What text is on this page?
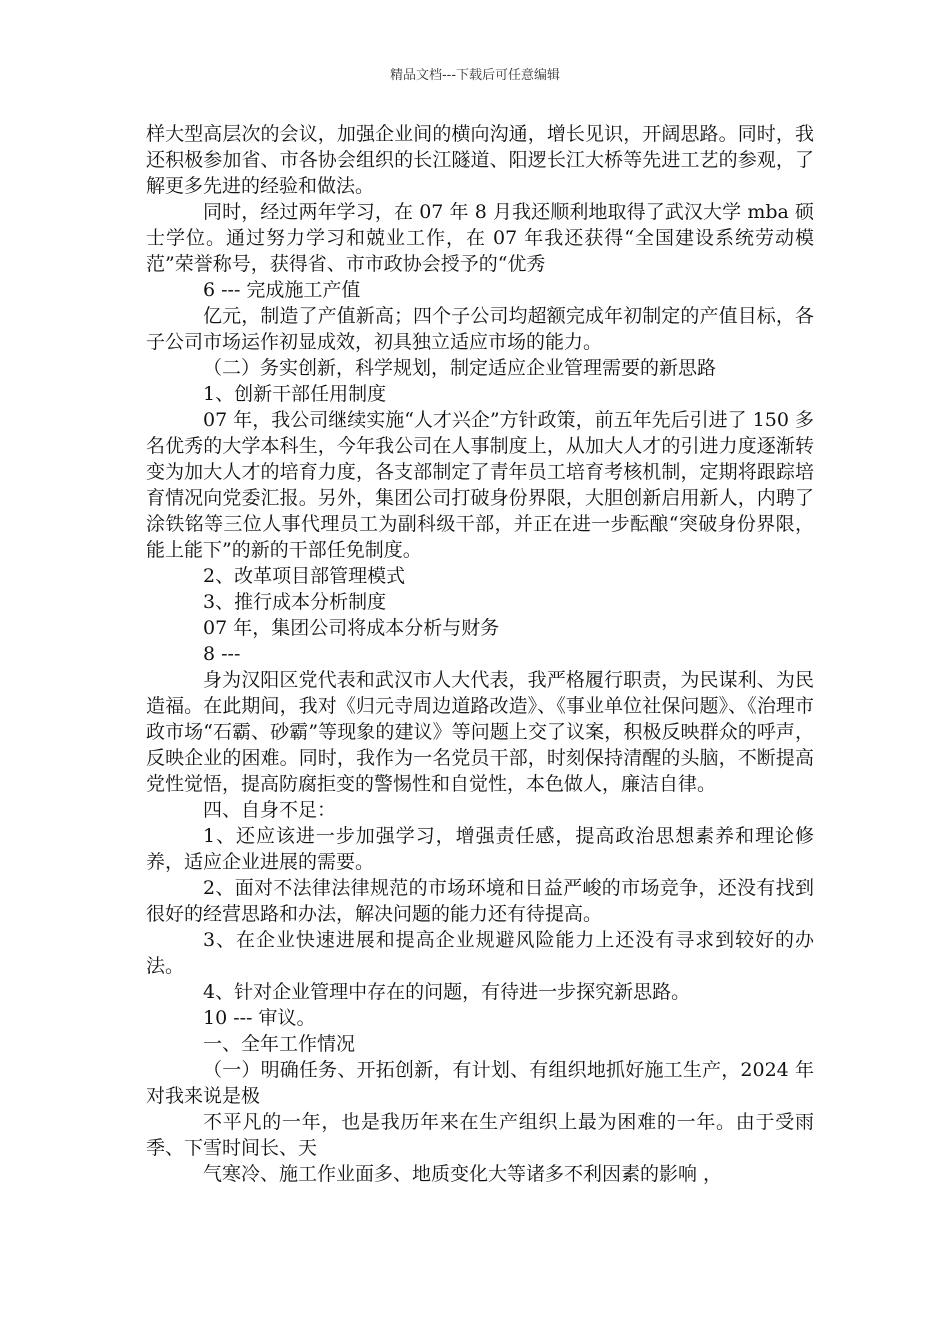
精品文档---下载后可任意编辑

样大型高层次的会议，加强企业间的横向沟通，增长见识，开阔思路。同时，我还积极参加省、市各协会组织的长江隧道、阳逻长江大桥等先进工艺的参观，了解更多先进的经验和做法。

同时，经过两年学习，在 07 年 8 月我还顺利地取得了武汉大学 mba 硕士学位。通过努力学习和兢业工作，在 07 年我还获得“全国建设系统劳动模范”荣誉称号，获得省、市市政协会授予的“优秀

6 --- 完成施工产值

亿元，制造了产值新高；四个子公司均超额完成年初制定的产值目标，各子公司市场运作初显成效，初具独立适应市场的能力。

（二）务实创新，科学规划，制定适应企业管理需要的新思路

1、创新干部任用制度

07 年，我公司继续实施“人才兴企”方针政策，前五年先后引进了 150 多名优秀的大学本科生，今年我公司在人事制度上，从加大人才的引进力度逐渐转变为加大人才的培育力度，各支部制定了青年员工培育考核机制，定期将跟踪培育情况向党委汇报。另外，集团公司打破身份界限，大胆创新启用新人，内聘了涂铁铭等三位人事代理员工为副科级干部，并正在进一步酝酿“突破身份界限，能上能下”的新的干部任免制度。

2、改革项目部管理模式

3、推行成本分析制度

07 年，集团公司将成本分析与财务

8 ---

身为汉阳区党代表和武汉市人大代表，我严格履行职责，为民谋利、为民造福。在此期间，我对《归元寺周边道路改造》、《事业单位社保问题》、《治理市政市场“石霸、砂霸”等现象的建议》等问题上交了议案，积极反映群众的呼声，反映企业的困难。同时，我作为一名党员干部，时刻保持清醒的头脑，不断提高党性觉悟，提高防腐拒变的警惕性和自觉性，本色做人，廉洁自律。

四、自身不足：

1、还应该进一步加强学习，增强责任感，提高政治思想素养和理论修养，适应企业进展的需要。

2、面对不法律法律规范的市场环境和日益严峻的市场竞争，还没有找到很好的经营思路和办法，解决问题的能力还有待提高。

3、在企业快速进展和提高企业规避风险能力上还没有寻求到较好的办法。

4、针对企业管理中存在的问题，有待进一步探究新思路。

10 --- 审议。

一、全年工作情况

（一）明确任务、开拓创新，有计划、有组织地抓好施工生产，2024 年对我来说是极

不平凡的一年，也是我历年来在生产组织上最为困难的一年。由于受雨季、下雪时间长、天

气寒冷、施工作业面多、地质变化大等诸多不利因素的影响 ，
